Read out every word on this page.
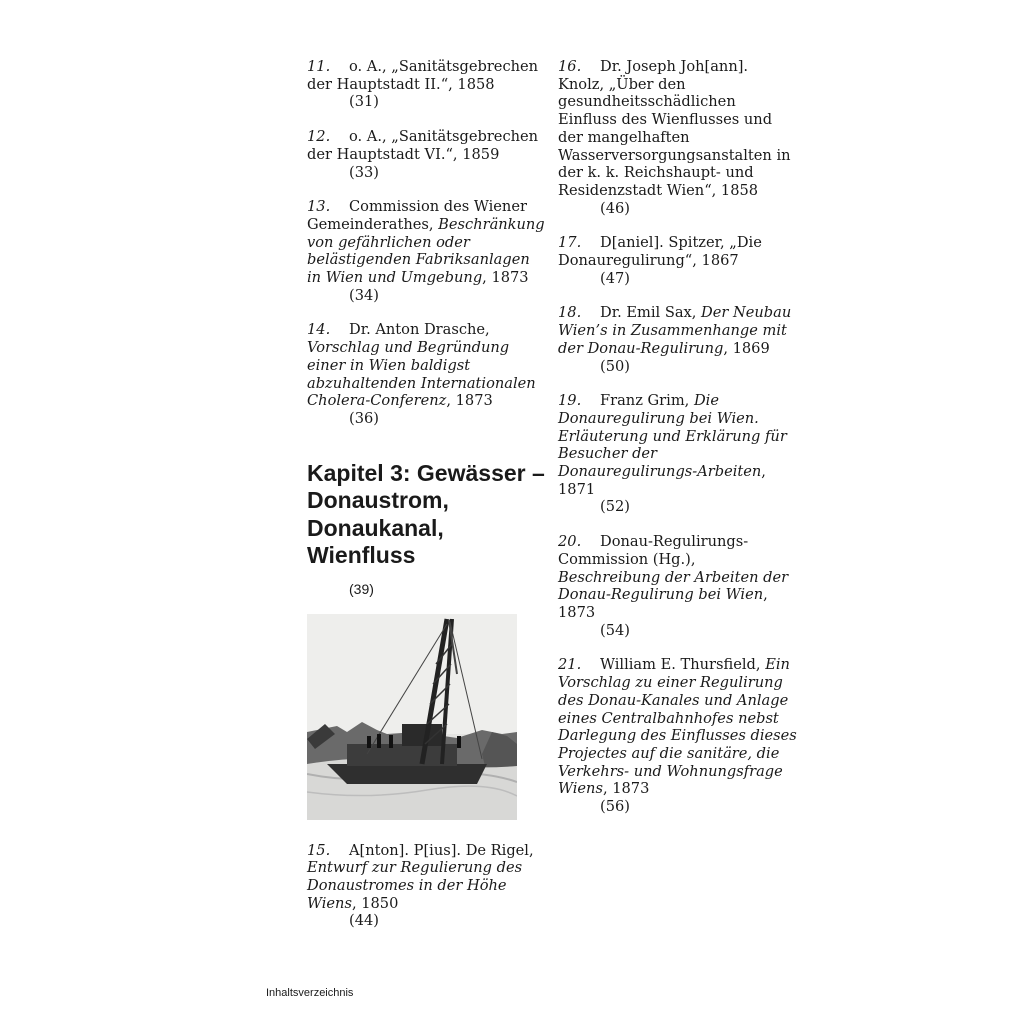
11. o. A., „Sanitätsgebrechen der Hauptstadt II.“, 1858
(31)
12. o. A., „Sanitätsgebrechen der Hauptstadt VI.“, 1859
(33)
13. Commission des Wiener Gemeinderathes, Beschränkung von gefährlichen oder belästigenden Fabriksanlagen in Wien und Umgebung, 1873
(34)
14. Dr. Anton Drasche, Vorschlag und Begründung einer in Wien baldigst abzuhaltenden Internationalen Cholera-Conferenz, 1873
(36)
Kapitel 3: Gewässer – Donaustrom, Donaukanal, Wienfluss
(39)
15. A[nton]. P[ius]. De Rigel, Entwurf zur Regulierung des Donaustromes in der Höhe Wiens, 1850
(44)
16. Dr. Joseph Joh[ann]. Knolz, „Über den gesundheitsschädlichen Einfluss des Wienflusses und der mangelhaften Wasserversorgungsanstalten in der k. k. Reichshaupt- und Residenzstadt Wien“, 1858
(46)
17. D[aniel]. Spitzer, „Die Donauregulirung“, 1867
(47)
18. Dr. Emil Sax, Der Neubau Wien’s in Zusammenhange mit der Donau-Regulirung, 1869
(50)
19. Franz Grim, Die Donauregulirung bei Wien. Erläuterung und Erklärung für Besucher der Donauregulirungs-Arbeiten, 1871
(52)
20. Donau-Regulirungs-Commission (Hg.), Beschreibung der Arbeiten der Donau-Regulirung bei Wien, 1873
(54)
21. William E. Thursfield, Ein Vorschlag zu einer Regulirung des Donau-Kanales und Anlage eines Centralbahnhofes nebst Darlegung des Einflusses dieses Projectes auf die sanitäre, die Verkehrs- und Wohnungsfrage Wiens, 1873
(56)
Inhaltsverzeichnis
